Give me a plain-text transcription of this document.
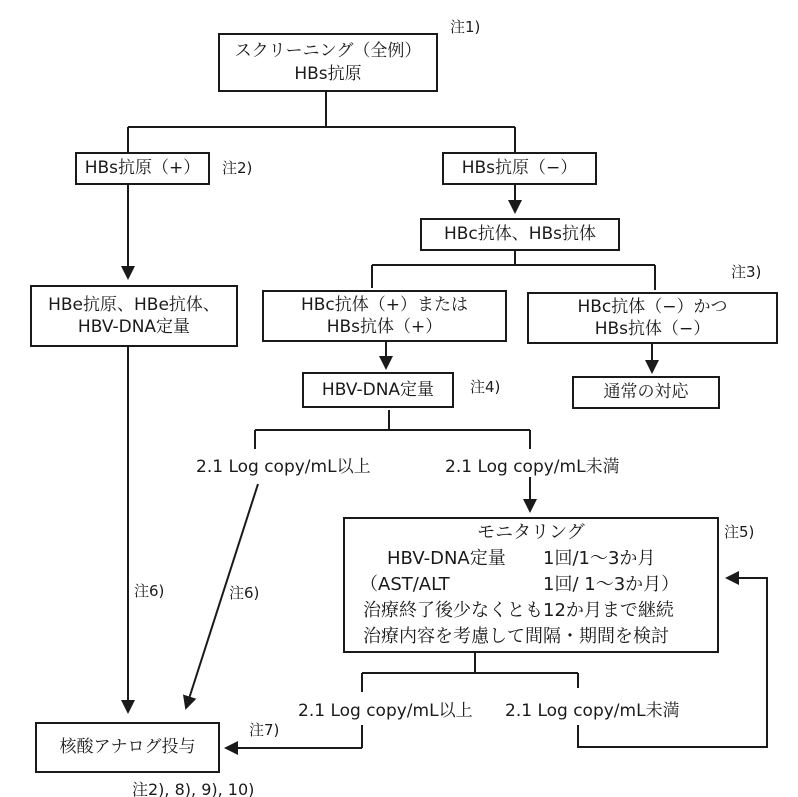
スクリーニング（全例）
HBs抗原
HBs抗原（+）	HBs抗原（−）
HBe抗原、HBe抗体、
HBV-DNA定量
HBc抗体、HBs抗体
HBc抗体（+）または
HBs抗体（+）
HBc抗体（−）かつ
HBs抗体（−）
HBV-DNA定量	通常の対応
モニタリング
HBV-DNA定量	1回/1〜3か月
（AST/ALT	1回/ 1〜3か月）
治療終了後少なくとも12か月まで継続
治療内容を考慮して間隔・期間を検討
核酸アナログ投与
2.1 Log copy/mL以上	2.1 Log copy/mL未満
2.1 Log copy/mL以上 2.1 Log copy/mL未満
注1)
注2)
注3)
注4)
注5)
注6)	注6)
注7)
注2), 8), 9), 10)
